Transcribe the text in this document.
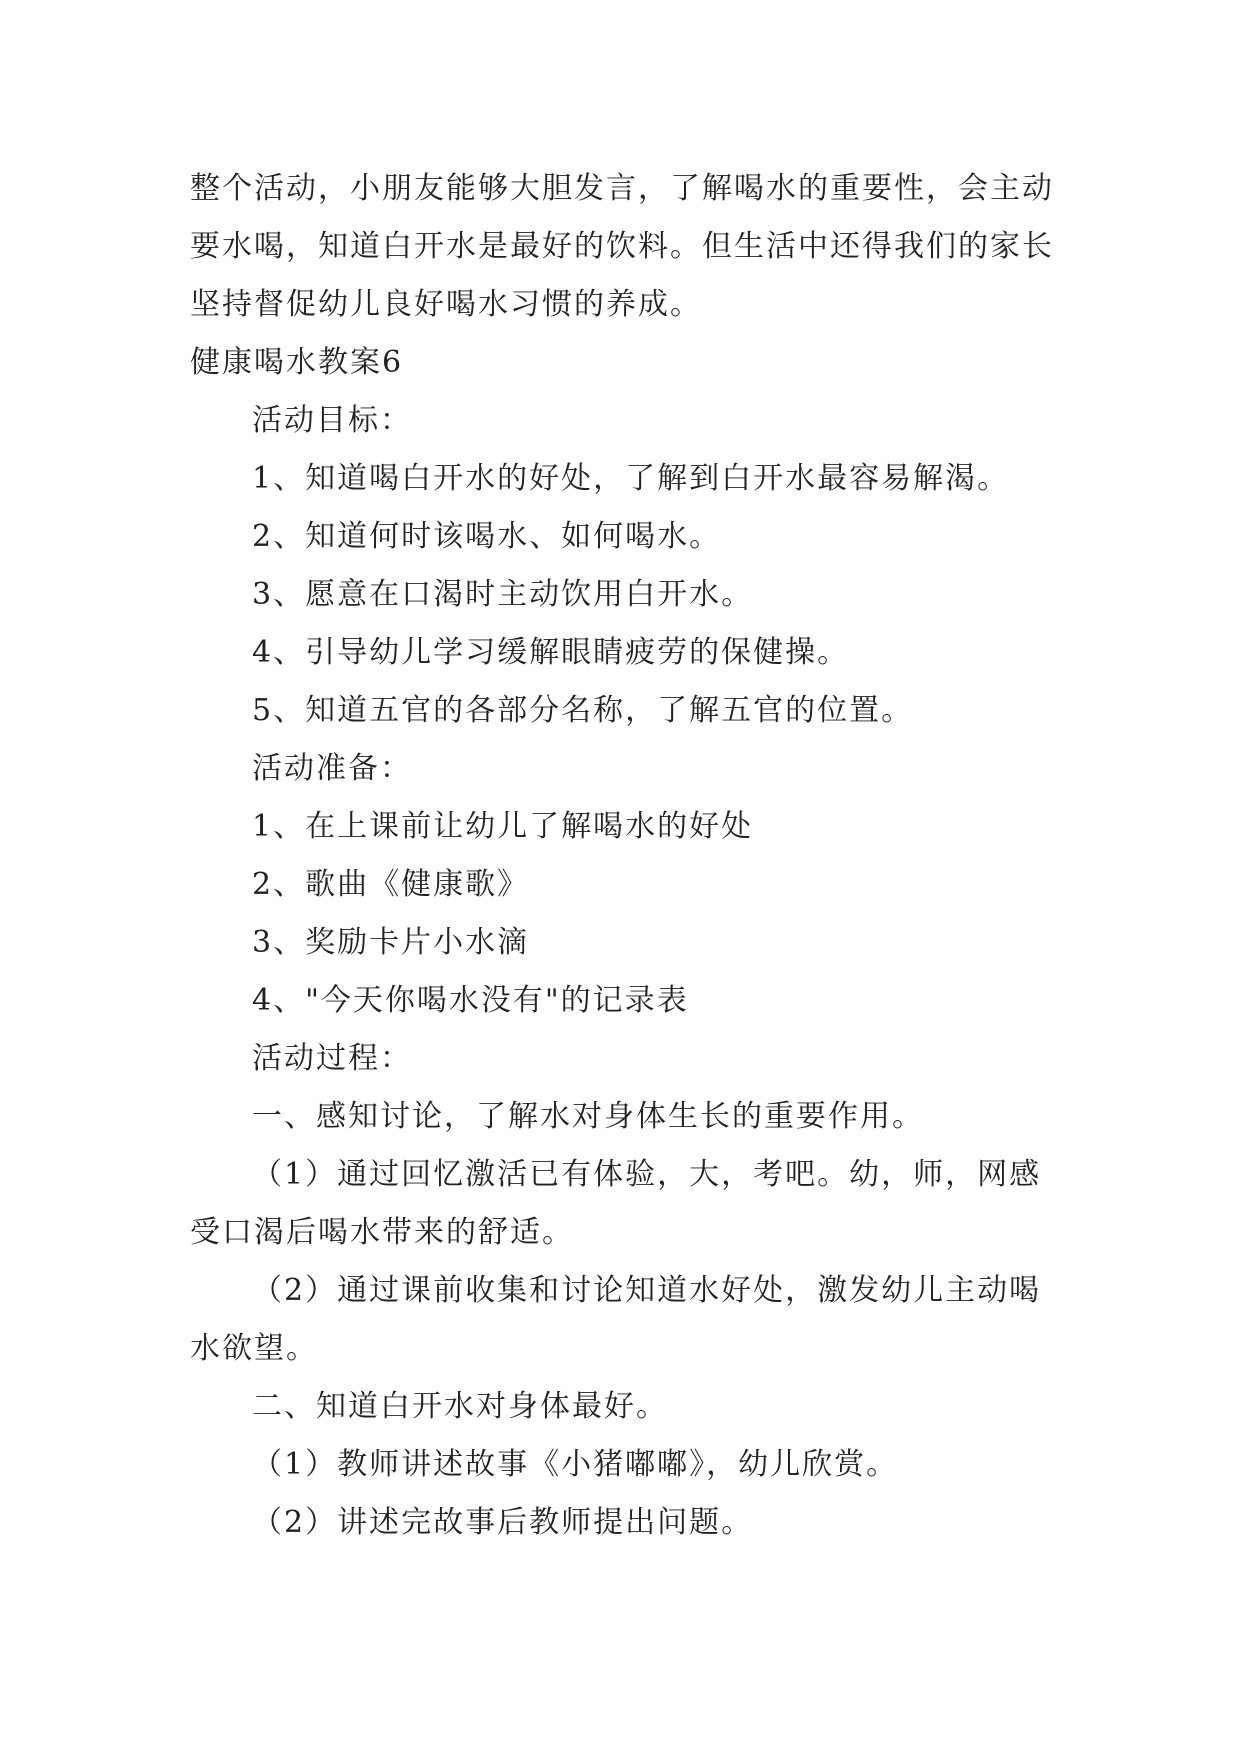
整个活动，小朋友能够大胆发言，了解喝水的重要性，会主动要水喝，知道白开水是最好的饮料。但生活中还得我们的家长坚持督促幼儿良好喝水习惯的养成。

健康喝水教案6

活动目标：

1、知道喝白开水的好处，了解到白开水最容易解渴。

2、知道何时该喝水、如何喝水。

3、愿意在口渴时主动饮用白开水。

4、引导幼儿学习缓解眼睛疲劳的保健操。

5、知道五官的各部分名称，了解五官的位置。

活动准备：

1、在上课前让幼儿了解喝水的好处

2、歌曲《健康歌》

3、奖励卡片小水滴

4、"今天你喝水没有"的记录表

活动过程：

一、感知讨论，了解水对身体生长的重要作用。

（1）通过回忆激活已有体验，大，考吧。幼，师，网感受口渴后喝水带来的舒适。

（2）通过课前收集和讨论知道水好处，激发幼儿主动喝水欲望。

二、知道白开水对身体最好。

（1）教师讲述故事《小猪嘟嘟》，幼儿欣赏。

（2）讲述完故事后教师提出问题。
